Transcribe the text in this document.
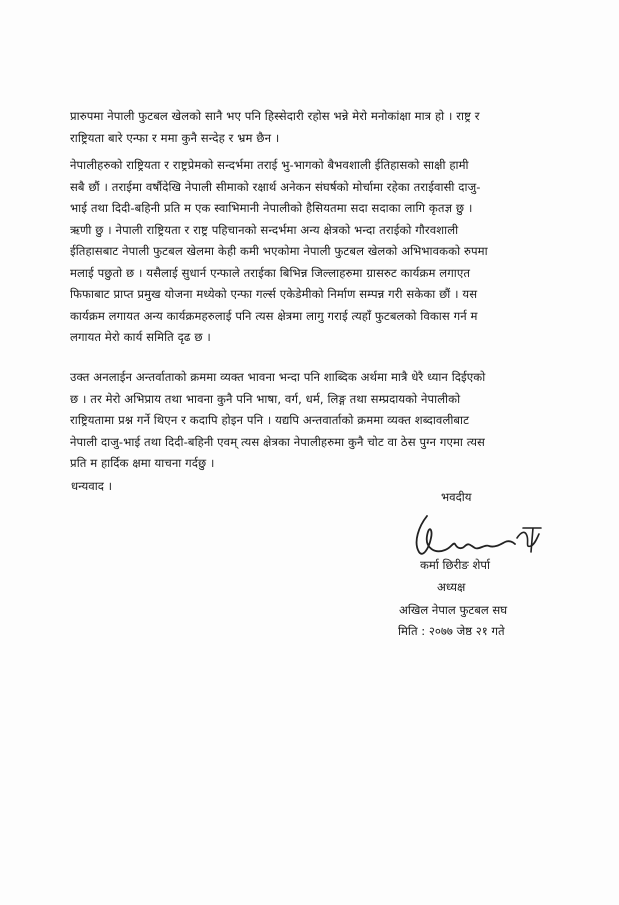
प्रारुपमा नेपाली फुटबल खेलको सानै भए पनि हिस्सेदारी रहोस भन्ने मेरो मनोकांक्षा मात्र हो । राष्ट्र र
राष्ट्रियता बारे एन्फा र ममा कुनै सन्देह र भ्रम छैन ।
नेपालीहरुको राष्ट्रियता र राष्ट्रप्रेमको सन्दर्भमा तराई भु-भागको बैभवशाली ईतिहासको साक्षी हामी
सबै छौं । तराईमा वर्षौदेखि नेपाली सीमाको रक्षार्थ अनेकन संघर्षको मोर्चामा रहेका तराईवासी दाजु-
भाई तथा दिदी-बहिनी प्रति म एक स्वाभिमानी नेपालीको हैसियतमा सदा सदाका लागि कृतज्ञ छु ।
ऋणी छु । नेपाली राष्ट्रियता र राष्ट्र पहिचानको सन्दर्भमा अन्य क्षेत्रको भन्दा तराईको गौरवशाली
ईतिहासबाट नेपाली फुटबल खेलमा केही कमी भएकोमा नेपाली फुटबल खेलको अभिभावकको रुपमा
मलाई पछुतो छ । यसैलाई सुधार्न एन्फाले तराईका बिभिन्न जिल्लाहरुमा ग्रासरुट कार्यक्रम लगाएत
फिफाबाट प्राप्त प्रमुख योजना मध्येको एन्फा गर्ल्स एकेडेमीको निर्माण सम्पन्न गरी सकेका छौं । यस
कार्यक्रम लगायत अन्य कार्यक्रमहरुलाई पनि त्यस क्षेत्रमा लागु गराई त्यहाँ फुटबलको विकास गर्न म
लगायत मेरो कार्य समिति दृढ छ ।
उक्त अनलाईन अन्तर्वाताको क्रममा व्यक्त भावना भन्दा पनि शाब्दिक अर्थमा मात्रै धेरै ध्यान दिईएको
छ । तर मेरो अभिप्राय तथा भावना कुनै पनि भाषा, वर्ग, धर्म, लिङ्ग तथा सम्प्रदायको नेपालीको
राष्ट्रियतामा प्रश्न गर्ने थिएन र कदापि होइन पनि । यद्यपि अन्तवार्ताको क्रममा व्यक्त शब्दावलीबाट
नेपाली दाजु-भाई तथा दिदी-बहिनी एवम् त्यस क्षेत्रका नेपालीहरुमा कुनै चोट वा ठेस पुग्न गएमा त्यस
प्रति म हार्दिक क्षमा याचना गर्दछु ।

धन्यवाद ।

भवदीय
कर्मा छिरीङ शेर्पा
अध्यक्ष
अखिल नेपाल फुटबल सघ
मिति : २०७७ जेष्ठ २१ गते
